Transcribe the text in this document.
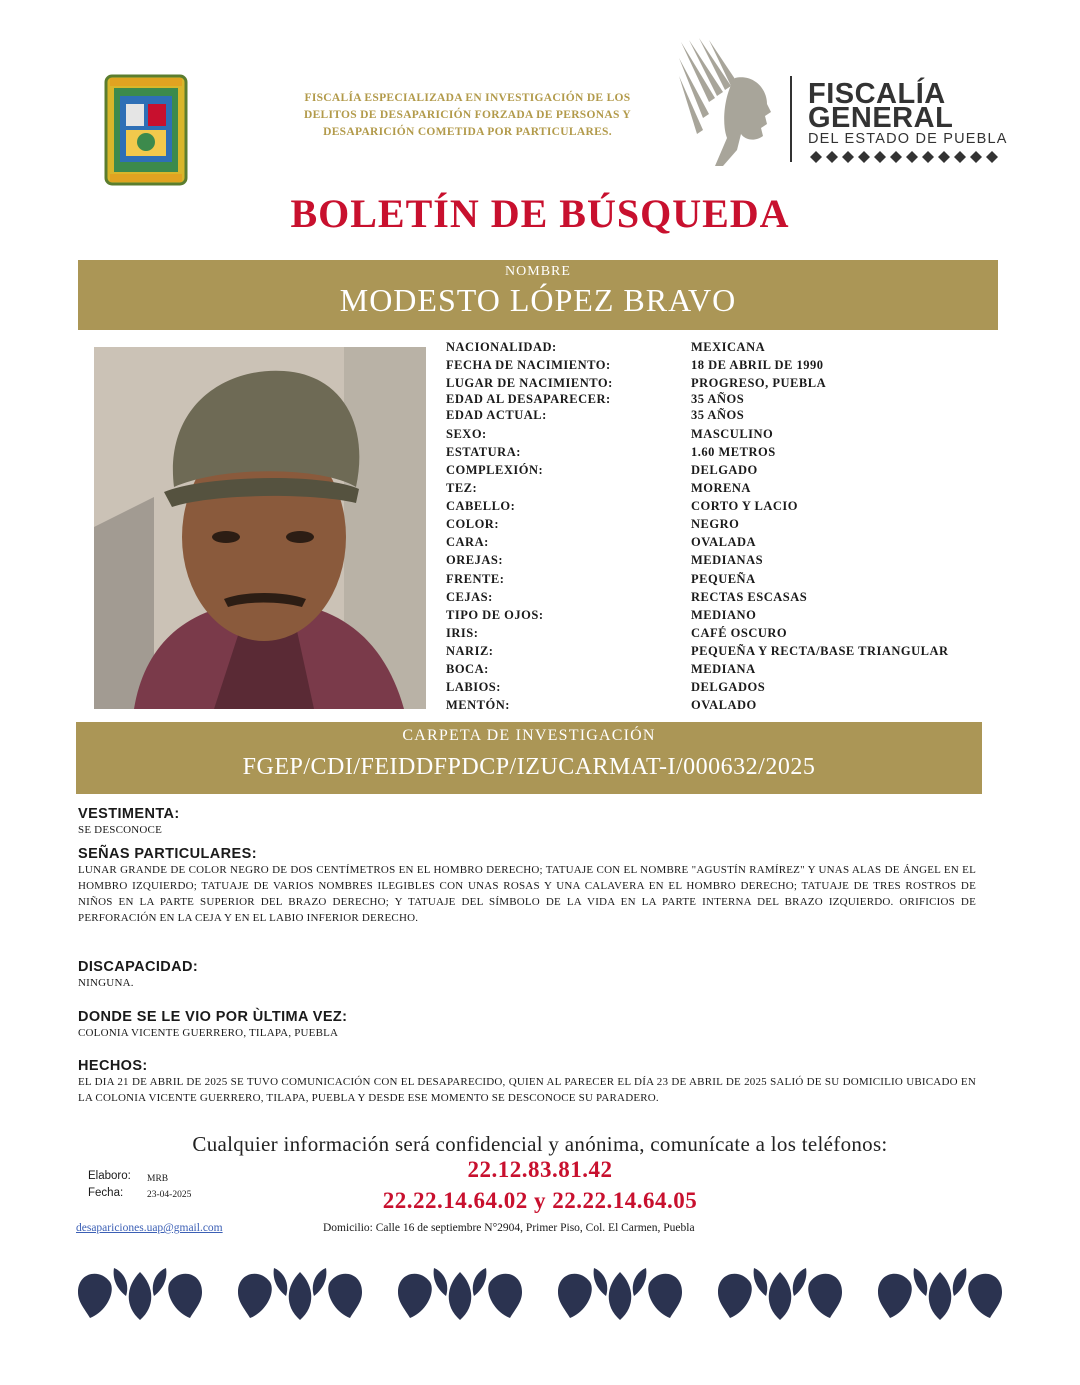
FISCALÍA ESPECIALIZADA EN INVESTIGACIÓN DE LOS DELITOS DE DESAPARICIÓN FORZADA DE PERSONAS Y DESAPARICIÓN COMETIDA POR PARTICULARES.
FISCALÍA
GENERAL
DEL ESTADO DE PUEBLA
BOLETÍN DE BÚSQUEDA
NOMBRE
MODESTO LÓPEZ BRAVO
NACIONALIDAD:	MEXICANA
FECHA DE NACIMIENTO:	18 DE ABRIL DE 1990
LUGAR DE NACIMIENTO:	PROGRESO, PUEBLA
EDAD AL DESAPARECER:	35 AÑOS
EDAD ACTUAL:	35 AÑOS
SEXO:	MASCULINO
ESTATURA:	1.60 METROS
COMPLEXIÓN:	DELGADO
TEZ:	MORENA
CABELLO:	CORTO Y LACIO
COLOR:	NEGRO
CARA:	OVALADA
OREJAS:	MEDIANAS
FRENTE:	PEQUEÑA
CEJAS:	RECTAS ESCASAS
TIPO DE OJOS:	MEDIANO
IRIS:	CAFÉ OSCURO
NARIZ:	PEQUEÑA Y RECTA/BASE TRIANGULAR
BOCA:	MEDIANA
LABIOS:	DELGADOS
MENTÓN:	OVALADO
CARPETA DE INVESTIGACIÓN
FGEP/CDI/FEIDDFPDCP/IZUCARMAT-I/000632/2025
VESTIMENTA:
SE DESCONOCE
SEÑAS PARTICULARES:
LUNAR GRANDE DE COLOR NEGRO DE DOS CENTÍMETROS EN EL HOMBRO DERECHO; TATUAJE CON EL NOMBRE "AGUSTÍN RAMÍREZ" Y UNAS ALAS DE ÁNGEL EN EL HOMBRO IZQUIERDO; TATUAJE DE VARIOS NOMBRES ILEGIBLES CON UNAS ROSAS Y UNA CALAVERA EN EL HOMBRO DERECHO; TATUAJE DE TRES ROSTROS DE NIÑOS EN LA PARTE SUPERIOR DEL BRAZO DERECHO; Y TATUAJE DEL SÍMBOLO DE LA VIDA EN LA PARTE INTERNA DEL BRAZO IZQUIERDO. ORIFICIOS DE PERFORACIÓN EN LA CEJA Y EN EL LABIO INFERIOR DERECHO.
DISCAPACIDAD:
NINGUNA.
DONDE SE LE VIO POR ÙLTIMA VEZ:
COLONIA VICENTE GUERRERO, TILAPA, PUEBLA
HECHOS:
EL DIA 21 DE ABRIL DE 2025 SE TUVO COMUNICACIÓN CON EL DESAPARECIDO, QUIEN AL PARECER EL DÍA 23 DE ABRIL DE 2025 SALIÓ DE SU DOMICILIO UBICADO EN LA COLONIA VICENTE GUERRERO, TILAPA, PUEBLA Y DESDE ESE MOMENTO SE DESCONOCE SU PARADERO.
Cualquier información será confidencial y anónima, comunícate a los teléfonos:
22.12.83.81.42
22.22.14.64.02 y 22.22.14.64.05
Elaboro: MRB
Fecha:	23-04-2025
desapariciones.uap@gmail.com	Domicilio: Calle 16 de septiembre N°2904, Primer Piso, Col. El Carmen, Puebla
